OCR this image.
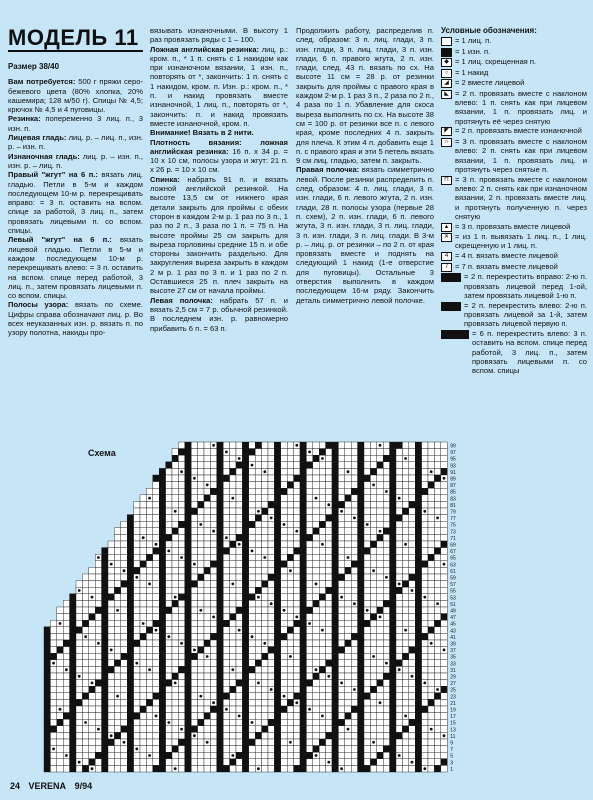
МОДЕЛЬ 11
Размер 38/40

Вам потребуется: 500 г пряжи серо-бежевого цвета (80% хлопка, 20% кашемира; 128 м/50 г). Спицы № 4,5; крючок № 4,5 и 4 пуговицы.

Резинка: попеременно 3 лиц. п., 3 изн. п.

Лицевая гладь: лиц. р. – лиц. п., изн. р. – изн. п.

Изнаночная гладь: лиц. р. – изн. п., изн. р. – лиц. п.

Правый "жгут" на 6 п.: вязать лиц. гладью. Петли в 5-м и каждом последующем 10-м р. перекрещивать вправо: = 3 п. оставить на вспом. спице за работой, 3 лиц. п., затем провязать лицевыми п. со вспом. спицы.

Левый "жгут" на 6 п.: вязать лицевой гладью. Петли в 5-м и каждом последующем 10-м р. перекрещивать влево: = 3 п. оставить на вспом. спице перед работой, 3 лиц. п., затем провязать лицевыми п. со вспом. спицы.

Полосы узора: вязать по схеме. Цифры справа обозначают лиц. р. Во всех неуказанных изн. р. вязать п. по узору полотна, накиды про-

вязывать изнаночными. В высоту 1 раз провязать ряды с 1 – 100.

Ложная английская резинка: лиц. р.: кром. п., * 1 п. снять с 1 накидом как при изнаночном вязании, 1 изн. п., повторять от *, закончить: 1 п. снять с 1 накидом, кром. п. Изн. р.: кром. п., * п. и накид провязать вместе изнаночной, 1 лиц. п., повторять от *, закончить: п. и накид провязать вместе изнаночной, кром. п.

Внимание! Вязать в 2 нити.

Плотность вязания: ложная английская резинка: 16 п. x 34 р. = 10 x 10 см, полосы узора и жгут: 21 п. x 26 р. = 10 x 10 см.

Спинка: набрать 91 п. и вязать ложной английской резинкой. На высоте 13,5 см от нижнего края детали закрыть для проймы с обеих сторон в каждом 2-м р. 1 раз по 3 п., 1 раз по 2 п., 3 раза по 1 п. = 75 п. На высоте проймы 25 см закрыть для выреза горловины средние 15 п. и обе стороны закончить раздельно. Для закругления выреза закрыть в каждом 2 м р. 1 раз по 3 п. и 1 раз по 2 п. Оставшиеся 25 п. плеч закрыть на высоте 27 см от начала проймы.

Левая полочка: набрать 57 п. и вязать 2,5 см = 7 р. обычной резинкой. В последнем изн. р. равномерно прибавить 6 п. = 63 п.

Продолжить работу, распределив п. след. образом: 3 п. лиц. глади, 3 п. изн. глади, 3 п. лиц. глади, 3 п. изн. глади, 6 п. правого жгута, 2 п. изн. глади, след. 43 п. вязать по сх. На высоте 11 см = 28 р. от резинки закрыть для проймы с правого края в каждом 2-м р. 1 раз 3 п., 2 раза по 2 п., 4 раза по 1 п. Убавление для скоса выреза выполнить по сх. На высоте 38 см = 100 р. от резинки все п. с левого края, кроме последних 4 п. закрыть для плеча. К этим 4 п. добавить еще 1 п. с правого края и эти 5 петель вязать 9 см лиц. гладью, затем п. закрыть.

Правая полочка: вязать симметрично левой. После резинки распределить п. след. образом: 4 п. лиц. глади, 3 п. изн. глади, 6 п. левого жгута, 2 п. изн. глади, 28 п. полосы узора (первые 28 п. схем), 2 п. изн. глади, 6 п. левого жгута, 3 п. изн. глади, 3 п. лиц. глади, 3 п. изн. глади, 3 п. лиц. глади. В 3-м р. – лиц. р. от резинки – по 2 п. от края провязать вместе и поднять на следующий 1 накид (1-е отверстие для пуговицы). Остальные 3 отверстия выполнить в каждом последующем 16-м ряду. Закончить деталь симметрично левой полочке.

Условные обозначения:
= 1 лиц. п.
= 1 изн. п.
◆ = 1 лиц. скрещенная п.
○ = 1 накид
◢ = 2 вместе лицевой
◣ = 2 п. провязать вместе с наклоном влево: 1 п. снять как при лицевом вязании, 1 п. провязать лиц. и протянуть её через снятую
◤ = 2 п. провязать вместе изнаночной
∩ = 3 п. провязать вместе с наклоном влево: 2 п. снять как при лицевом вязании, 1 п. провязать лиц. и протянуть через снятые п.
⊓ = 3 п. провязать вместе с наклоном влево: 2 п. снять как при изнаночном вязании, 2 п. провязать вместе лиц. и протянуть полученную п. через снятую
▲ = 3 п. провязать вместе лицевой
✕ = из 1 п. вывязать 1 лиц. п., 1 лиц. скрещенную и 1 лиц. п.
4 = 4 п. вязать вместе лицевой
7 = 7 п. вязать вместе лицевой
= 2 п. перекрестить вправо: 2-ю п. провязать лицевой перед 1-ой, затем провязать лицевой 1-ю п.
= 2 п. перекрестить влево: 2-ю п. провязать лицевой за 1-й, затем провязать лицевой первую п.
= 6 п. перекрестить влево: 3 п. оставить на вспом. спице перед работой, 3 лиц. п., затем провязать лицевыми п. со вспом. спицы
Схема
99
97
95
93
91
89
87
85
83
81
79
77
75
73
71
69
67
65
63
61
59
57
55
53
51
49
47
45
43
41
39
37
35
33
31
29
27
25
23
21
19
17
15
13
11
9
7
5
3
1
24 VERENA 9/94
